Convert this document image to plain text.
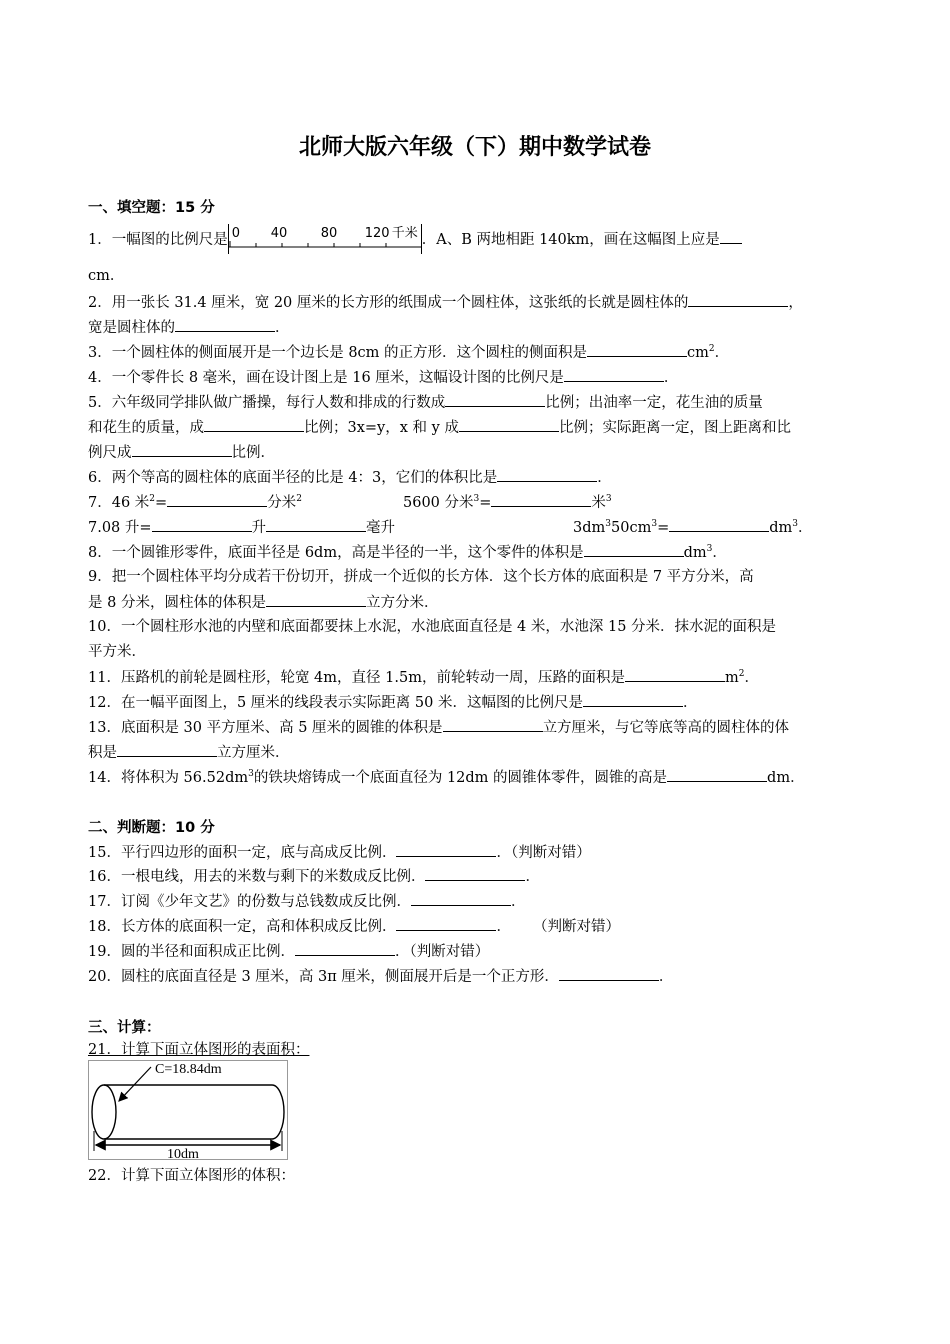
北师大版六年级（下）期中数学试卷
一、填空题：15 分
1．一幅图的比例尺是 0 40	80 120 千米 ．A、B 两地相距 140km，画在这幅图上应是
cm．
2．用一张长 31.4 厘米，宽 20 厘米的长方形的纸围成一个圆柱体，这张纸的长就是圆柱体的	，
宽是圆柱体的	．
3．一个圆柱体的侧面展开是一个边长是 8cm 的正方形．这个圆柱的侧面积是	$cm^2$．
4．一个零件长 8 毫米，画在设计图上是 16 厘米，这幅设计图的比例尺是	．
5．六年级同学排队做广播操，每行人数和排成的行数成	比例；出油率一定，花生油的质量
和花生的质量，成	比例；3x=y，x 和 y 成	比例；实际距离一定，图上距离和比
例尺成	比例．
6．两个等高的圆柱体的底面半径的比是 4：3，它们的体积比是	．
7．46 米$^2$=	分米$^2$	5600 分米$^3$=	米$^3$
7.08 升=	升	毫升	$3dm^350cm^3=$	$dm^3$．
8．一个圆锥形零件，底面半径是 6dm，高是半径的一半，这个零件的体积是	$dm^3$．
9．把一个圆柱体平均分成若干份切开，拼成一个近似的长方体．这个长方体的底面积是 7 平方分米，高
是 8 分米，圆柱体的体积是	立方分米．
10．一个圆柱形水池的内壁和底面都要抹上水泥，水池底面直径是 4 米，水池深 15 分米．抹水泥的面积是
平方米．
11．压路机的前轮是圆柱形，轮宽 4m，直径 1.5m，前轮转动一周，压路的面积是	$m^2$．
12．在一幅平面图上，5 厘米的线段表示实际距离 50 米．这幅图的比例尺是	．
13．底面积是 30 平方厘米、高 5 厘米的圆锥的体积是	立方厘米，与它等底等高的圆柱体的体
积是	立方厘米．
14．将体积为 $56.52dm^3$的铁块熔铸成一个底面直径为 12dm 的圆锥体零件，圆锥的高是	dm．
二、判断题：10 分
15．平行四边形的面积一定，底与高成反比例．	．（判断对错）
16．一根电线，用去的米数与剩下的米数成反比例．	．
17．订阅《少年文艺》的份数与总钱数成反比例．	．
18．长方体的底面积一定，高和体积成反比例．	． （判断对错）
19．圆的半径和面积成正比例．	．（判断对错）
20．圆柱的底面直径是 3 厘米，高 3π 厘米，侧面展开后是一个正方形．	．
三、计算：
21．计算下面立体图形的表面积：
C=18.84dm
10dm
22．计算下面立体图形的体积：
